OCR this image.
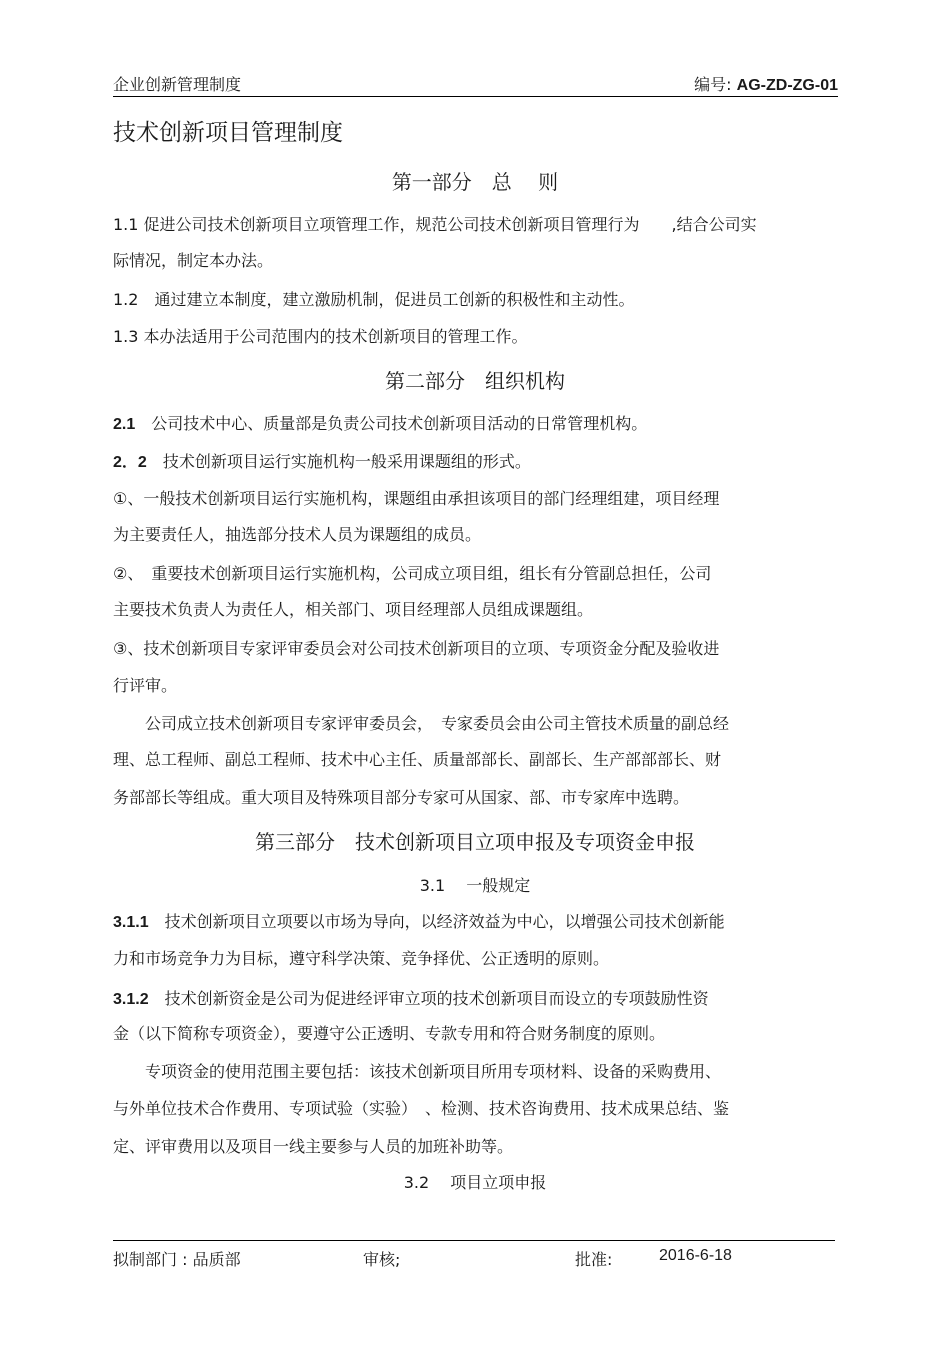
企业创新管理制度	编号: AG-ZD-ZG-01
技术创新项目管理制度
第一部分　总　 则
1.1 促进公司技术创新项目立项管理工作，规范公司技术创新项目管理行为　　,结合公司实
际情况，制定本办法。
1.2　通过建立本制度，建立激励机制，促进员工创新的积极性和主动性。
1.3 本办法适用于公司范围内的技术创新项目的管理工作。
第二部分　组织机构
2.1　公司技术中心、质量部是负责公司技术创新项目活动的日常管理机构。
2．2　技术创新项目运行实施机构一般采用课题组的形式。
①、一般技术创新项目运行实施机构，课题组由承担该项目的部门经理组建，项目经理
为主要责任人，抽选部分技术人员为课题组的成员。
②、　重要技术创新项目运行实施机构，公司成立项目组，组长有分管副总担任，公司
主要技术负责人为责任人，相关部门、项目经理部人员组成课题组。
③、技术创新项目专家评审委员会对公司技术创新项目的立项、专项资金分配及验收进
行评审。
　　公司成立技术创新项目专家评审委员会，　专家委员会由公司主管技术质量的副总经
理、总工程师、副总工程师、技术中心主任、质量部部长、副部长、生产部部部长、财
务部部长等组成。重大项目及特殊项目部分专家可从国家、部、市专家库中选聘。
第三部分　技术创新项目立项申报及专项资金申报
3.1　 一般规定
3.1.1　技术创新项目立项要以市场为导向，以经济效益为中心，以增强公司技术创新能
力和市场竞争力为目标，遵守科学决策、竞争择优、公正透明的原则。
3.1.2　技术创新资金是公司为促进经评审立项的技术创新项目而设立的专项鼓励性资
金（以下简称专项资金），要遵守公正透明、专款专用和符合财务制度的原则。
　　专项资金的使用范围主要包括：该技术创新项目所用专项材料、设备的采购费用、
与外单位技术合作费用、专项试验（实验）　、检测、技术咨询费用、技术成果总结、鉴
定、评审费用以及项目一线主要参与人员的加班补助等。
3.2　 项目立项申报
拟制部门 : 品质部	审核;	批准:	2016-6-18
